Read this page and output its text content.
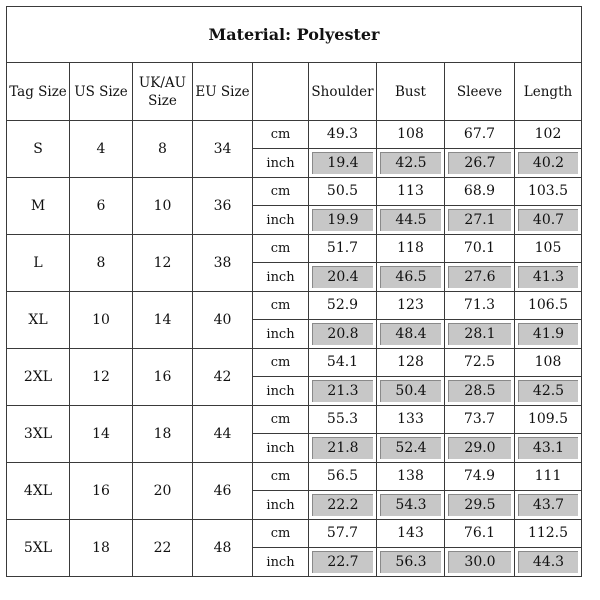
Material: Polyester								
Tag Size	US Size	UK/AU Size	EU Size		Shoulder	Bust	Sleeve	Length
S	4	8	34	cm	49.3	108	67.7	102

				inch	19.4	42.5	26.7	40.2

M	6	10	36	cm	50.5	113	68.9	103.5

				inch	19.9	44.5	27.1	40.7

L	8	12	38	cm	51.7	118	70.1	105

				inch	20.4	46.5	27.6	41.3

XL	10	14	40	cm	52.9	123	71.3	106.5

				inch	20.8	48.4	28.1	41.9

2XL	12	16	42	cm	54.1	128	72.5	108

				inch	21.3	50.4	28.5	42.5

3XL	14	18	44	cm	55.3	133	73.7	109.5

				inch	21.8	52.4	29.0	43.1

4XL	16	20	46	cm	56.5	138	74.9	111

				inch	22.2	54.3	29.5	43.7

5XL	18	22	48	cm	57.7	143	76.1	112.5

				inch	22.7	56.3	30.0	44.3
